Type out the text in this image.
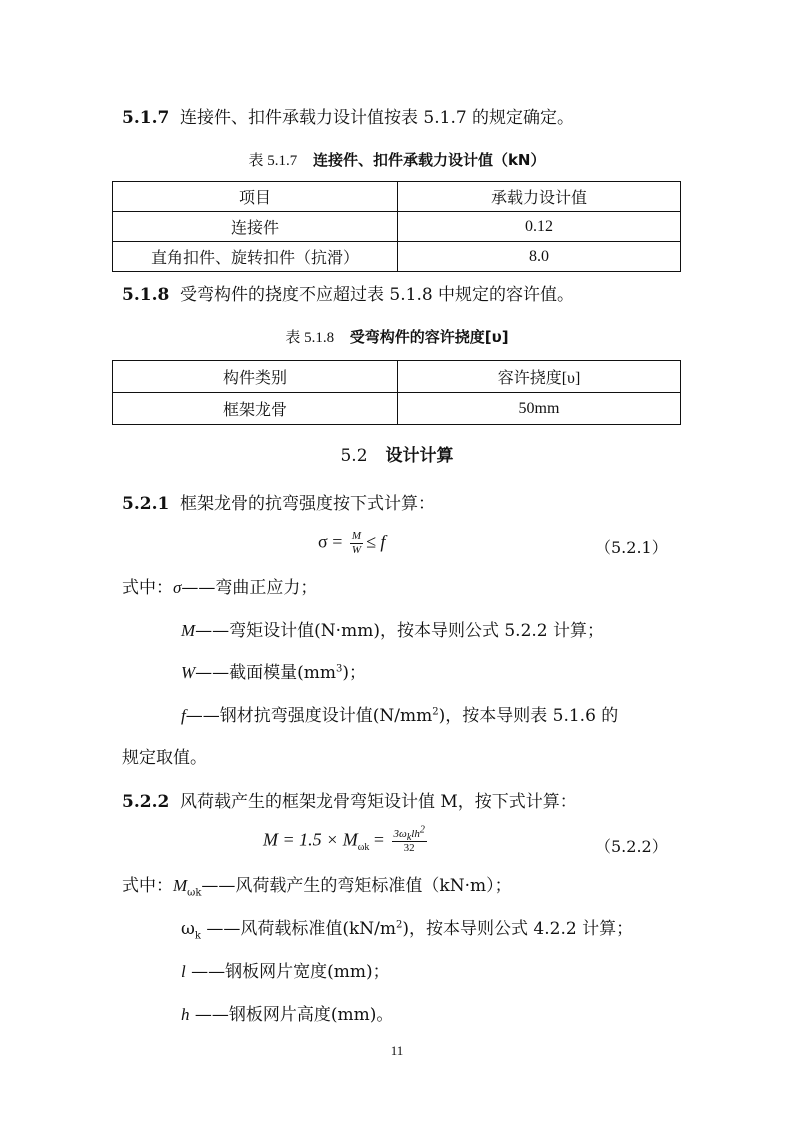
5.1.7 连接件、扣件承载力设计值按表 5.1.7 的规定确定。
表 5.1.7 连接件、扣件承载力设计值（kN）
项目	承载力设计值
连接件	0.12
直角扣件、旋转扣件（抗滑）	8.0
5.1.8 受弯构件的挠度不应超过表 5.1.8 中规定的容许值。
表 5.1.8 受弯构件的容许挠度[υ]
构件类别	容许挠度[υ]
框架龙骨	50mm
5.2 设计计算
5.2.1 框架龙骨的抗弯强度按下式计算：
$\sigma = \frac{M}{W} \le f$	（5.2.1）
式中：σ——弯曲正应力；
M——弯矩设计值(N·mm)，按本导则公式 5.2.2 计算；
W——截面模量$(mm^3)$；
f——钢材抗弯强度设计值$(N/mm^2)$，按本导则表 5.1.6 的
规定取值。
5.2.2 风荷载产生的框架龙骨弯矩设计值 M，按下式计算：
$M = 1.5 \times M_{\omega k} = \frac{3\omega_klh^2}{32}$	（5.2.2）
式中：$M_{\omega k}——$风荷载产生的弯矩标准值（kN·m）；
$\omega_k$ ——风荷载标准值$(kN/m^2)$，按本导则公式 4.2.2 计算；
l ——钢板网片宽度(mm)；
h ——钢板网片高度(mm)。
11
